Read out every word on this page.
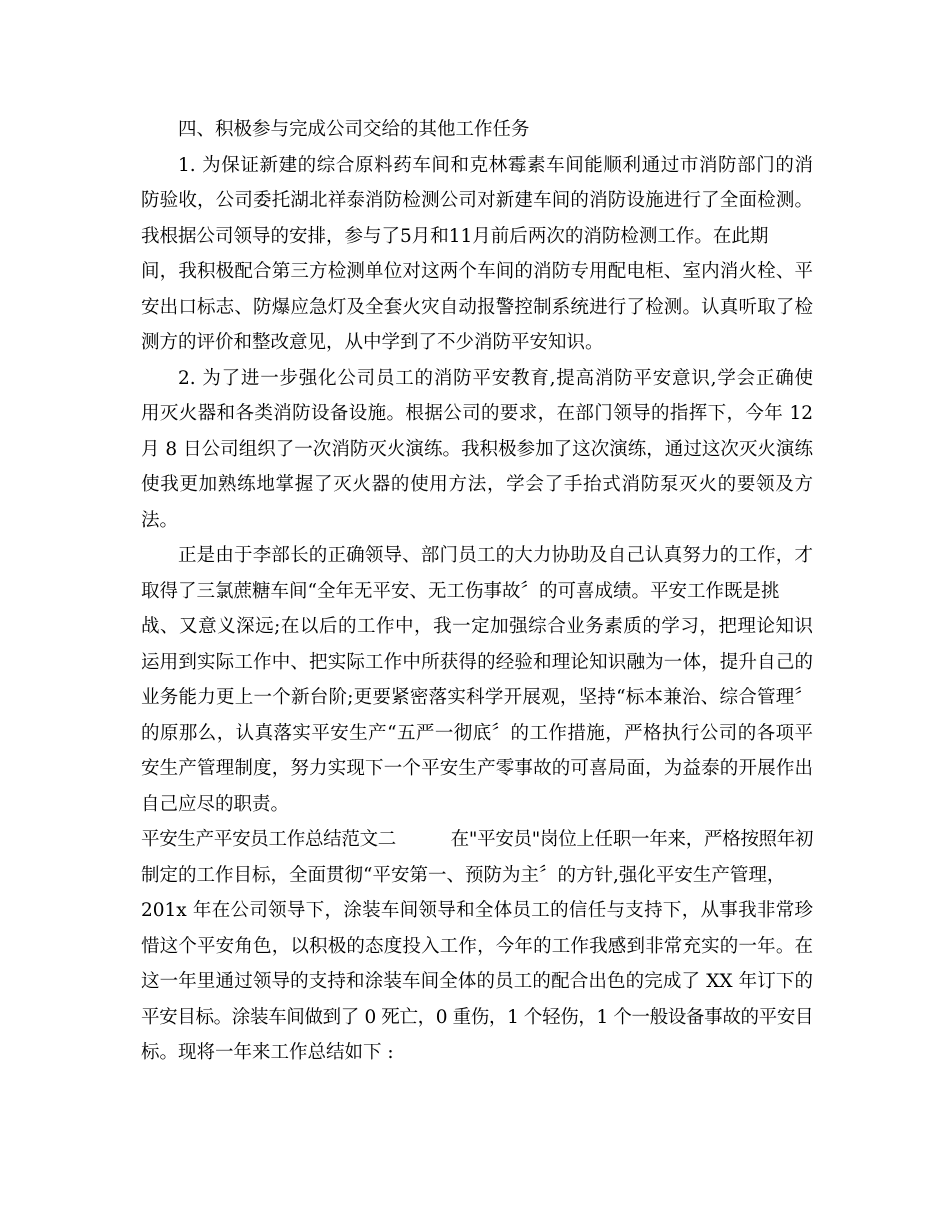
四、积极参与完成公司交给的其他工作任务
1. 为保证新建的综合原料药车间和克林霉素车间能顺利通过市消防部门的消
防验收，公司委托湖北祥泰消防检测公司对新建车间的消防设施进行了全面检测。
我根据公司领导的安排，参与了5月和11月前后两次的消防检测工作。在此期
间，我积极配合第三方检测单位对这两个车间的消防专用配电柜、室内消火栓、平
安出口标志、防爆应急灯及全套火灾自动报警控制系统进行了检测。认真听取了检
测方的评价和整改意见，从中学到了不少消防平安知识。
2. 为了进一步强化公司员工的消防平安教育,提高消防平安意识,学会正确使
用灭火器和各类消防设备设施。根据公司的要求，在部门领导的指挥下，今年 12
月 8 日公司组织了一次消防灭火演练。我积极参加了这次演练，通过这次灭火演练
使我更加熟练地掌握了灭火器的使用方法，学会了手抬式消防泵灭火的要领及方
法。
正是由于李部长的正确领导、部门员工的大力协助及自己认真努力的工作，才
取得了三氯蔗糖车间“全年无平安、无工伤事故〞的可喜成绩。平安工作既是挑
战、又意义深远;在以后的工作中，我一定加强综合业务素质的学习，把理论知识
运用到实际工作中、把实际工作中所获得的经验和理论知识融为一体，提升自己的
业务能力更上一个新台阶;更要紧密落实科学开展观，坚持“标本兼治、综合管理〞
的原那么，认真落实平安生产“五严一彻底〞的工作措施，严格执行公司的各项平
安生产管理制度，努力实现下一个平安生产零事故的可喜局面，为益泰的开展作出
自己应尽的职责。
平安生产平安员工作总结范文二　　　在"平安员"岗位上任职一年来，严格按照年初
制定的工作目标，全面贯彻“平安第一、预防为主〞的方针,强化平安生产管理，
201x 年在公司领导下，涂装车间领导和全体员工的信任与支持下，从事我非常珍
惜这个平安角色，以积极的态度投入工作，今年的工作我感到非常充实的一年。在
这一年里通过领导的支持和涂装车间全体的员工的配合出色的完成了 XX 年订下的
平安目标。涂装车间做到了 0 死亡，0 重伤，1 个轻伤，1 个一般设备事故的平安目
标。现将一年来工作总结如下 :
